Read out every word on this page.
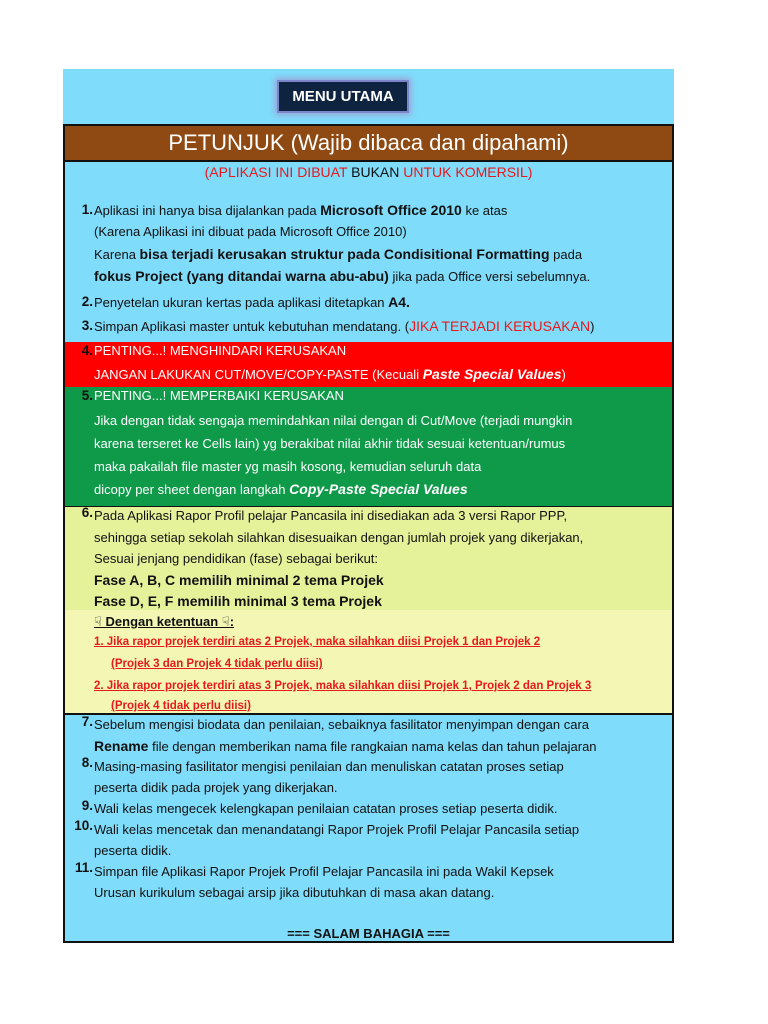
MENU UTAMA
PETUNJUK (Wajib dibaca dan dipahami)
(APLIKASI INI DIBUAT BUKAN UNTUK KOMERSIL)
1. Aplikasi ini hanya bisa dijalankan pada Microsoft Office 2010 ke atas
(Karena Aplikasi ini dibuat pada Microsoft Office 2010)
Karena bisa terjadi kerusakan struktur pada Condisitional Formatting pada
fokus Project (yang ditandai warna abu-abu) jika pada Office versi sebelumnya.
2. Penyetelan ukuran kertas pada aplikasi ditetapkan A4.
3. Simpan Aplikasi master untuk kebutuhan mendatang. (JIKA TERJADI KERUSAKAN)
4. PENTING...! MENGHINDARI KERUSAKAN
JANGAN LAKUKAN CUT/MOVE/COPY-PASTE (Kecuali Paste Special Values)
5. PENTING...! MEMPERBAIKI KERUSAKAN
Jika dengan tidak sengaja memindahkan nilai dengan di Cut/Move (terjadi mungkin
karena terseret ke Cells lain) yg berakibat nilai akhir tidak sesuai ketentuan/rumus
maka pakailah file master yg masih kosong, kemudian seluruh data
dicopy per sheet dengan langkah Copy-Paste Special Values
6. Pada Aplikasi Rapor Profil pelajar Pancasila ini disediakan ada 3 versi Rapor PPP,
sehingga setiap sekolah silahkan disesuaikan dengan jumlah projek yang dikerjakan,
Sesuai jenjang pendidikan (fase) sebagai berikut:
Fase A, B, C memilih minimal 2 tema Projek
Fase D, E, F memilih minimal 3 tema Projek
☟ Dengan ketentuan ☟:
1. Jika rapor projek terdiri atas 2 Projek, maka silahkan diisi Projek 1 dan Projek 2
(Projek 3 dan Projek 4 tidak perlu diisi)
2. Jika rapor projek terdiri atas 3 Projek, maka silahkan diisi Projek 1, Projek 2 dan Projek 3
(Projek 4 tidak perlu diisi)
7. Sebelum mengisi biodata dan penilaian, sebaiknya fasilitator menyimpan dengan cara
Rename file dengan memberikan nama file rangkaian nama kelas dan tahun pelajaran
8. Masing-masing fasilitator mengisi penilaian dan menuliskan catatan proses setiap
peserta didik pada projek yang dikerjakan.
9. Wali kelas mengecek kelengkapan penilaian catatan proses setiap peserta didik.
10. Wali kelas mencetak dan menandatangi Rapor Projek Profil Pelajar Pancasila setiap
peserta didik.
11. Simpan file Aplikasi Rapor Projek Profil Pelajar Pancasila ini pada Wakil Kepsek
Urusan kurikulum sebagai arsip jika dibutuhkan di masa akan datang.
=== SALAM BAHAGIA ===
